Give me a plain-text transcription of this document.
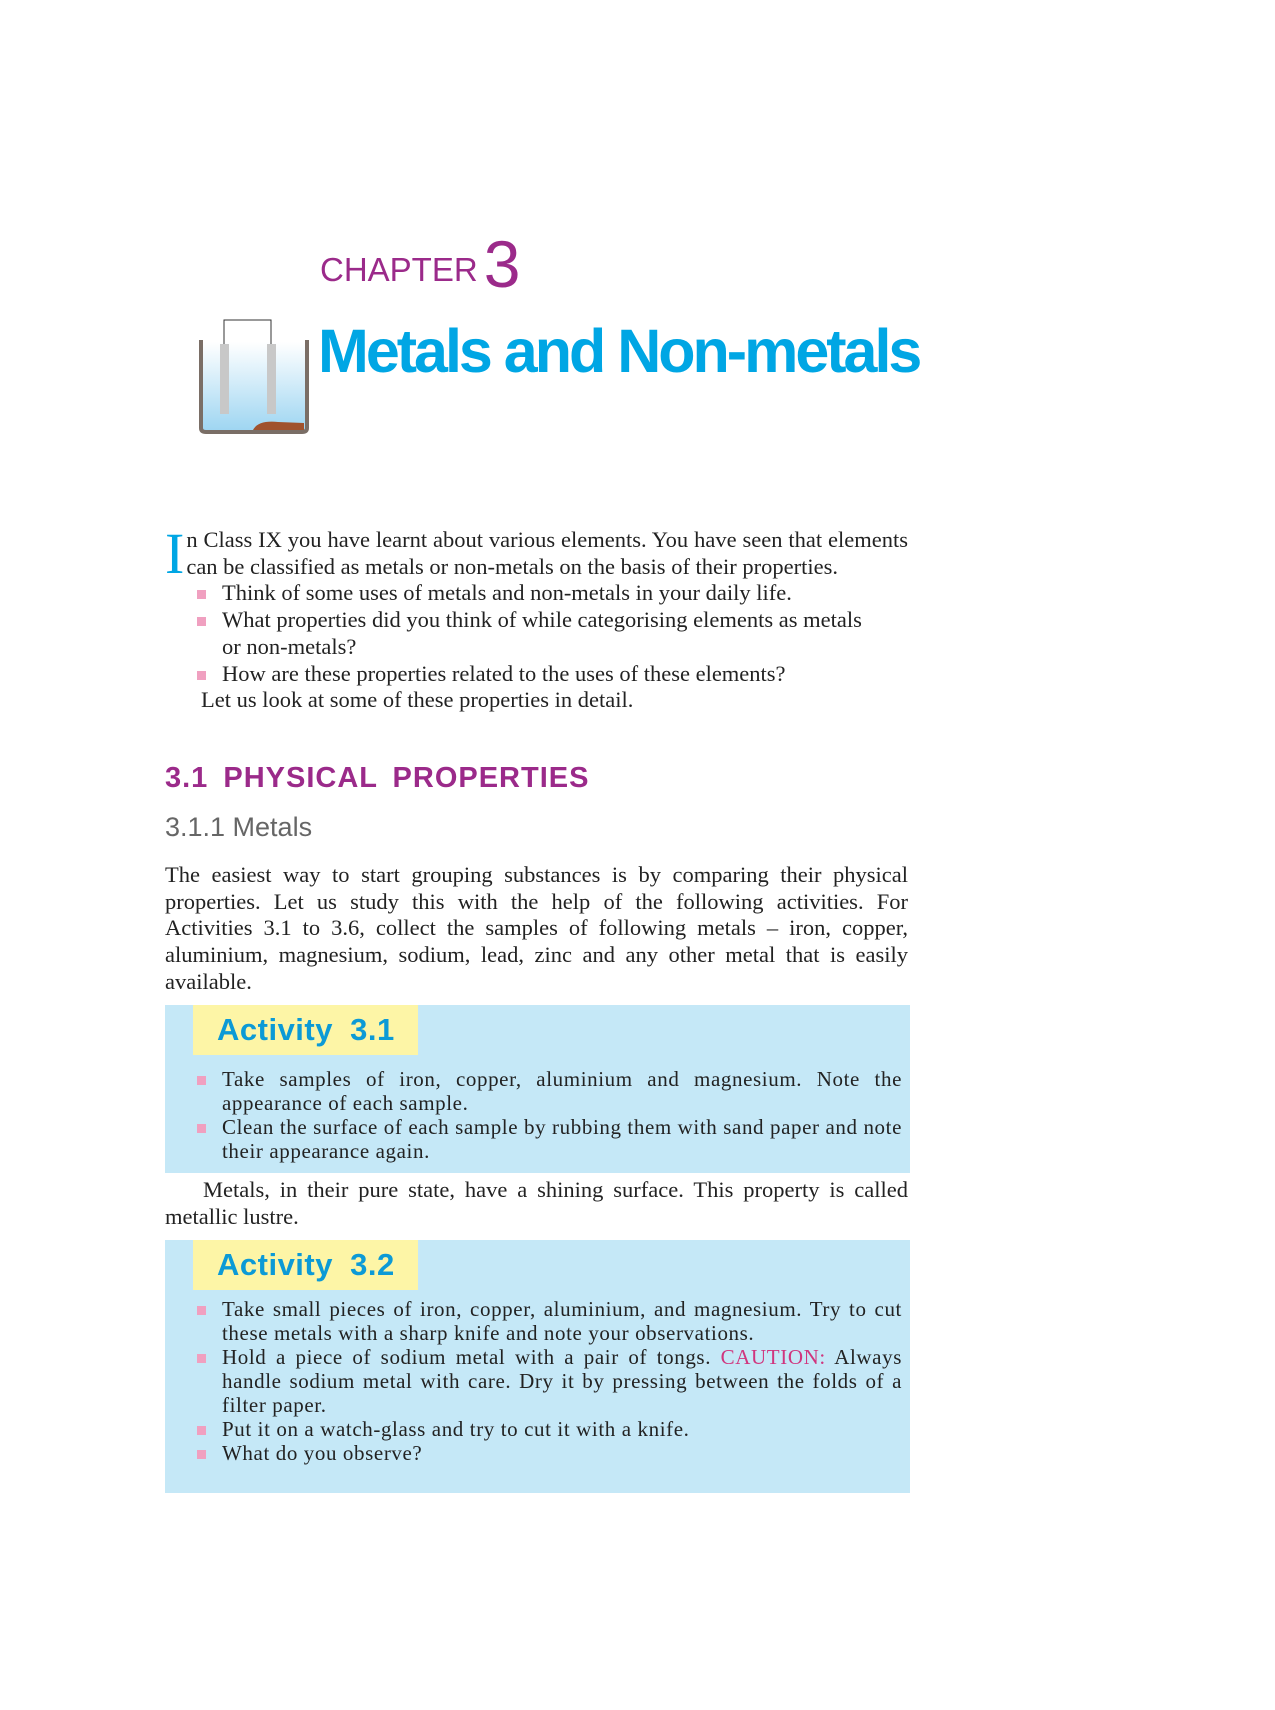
CHAPTER3
Metals and Non-metals
In Class IX you have learnt about various elements. You have seen that elements can be classified as metals or non-metals on the basis of their properties.
Think of some uses of metals and non-metals in your daily life.
What properties did you think of while categorising elements as metals or non-metals?
How are these properties related to the uses of these elements?
Let us look at some of these properties in detail.
3.1 PHYSICAL PROPERTIES
3.1.1 Metals
The easiest way to start grouping substances is by comparing their physical properties. Let us study this with the help of the following activities. For Activities 3.1 to 3.6, collect the samples of following metals – iron, copper, aluminium, magnesium, sodium, lead, zinc and any other metal that is easily available.
Activity 3.1
Take samples of iron, copper, aluminium and magnesium. Note the appearance of each sample.
Clean the surface of each sample by rubbing them with sand paper and note their appearance again.
Metals, in their pure state, have a shining surface. This property is called metallic lustre.
Activity 3.2
Take small pieces of iron, copper, aluminium, and magnesium. Try to cut these metals with a sharp knife and note your observations.
Hold a piece of sodium metal with a pair of tongs. CAUTION: Always handle sodium metal with care. Dry it by pressing between the folds of a filter paper.
Put it on a watch-glass and try to cut it with a knife.
What do you observe?
